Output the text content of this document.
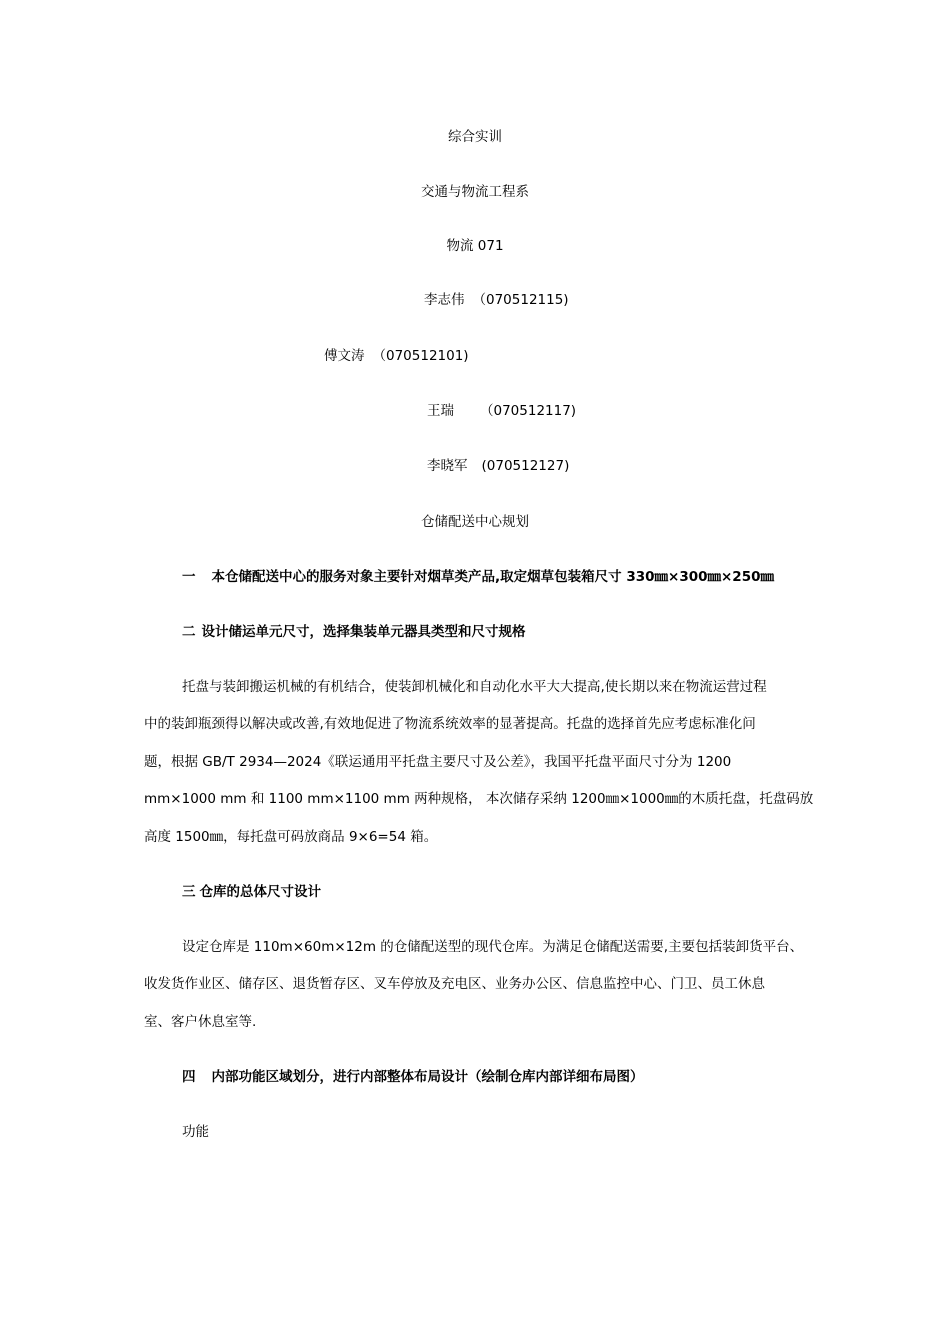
综合实训
交通与物流工程系
物流 071
李志伟 （070512115)
傅文涛 （070512101)
王瑞 （070512117)
李晓军 (070512127)
仓储配送中心规划
一 本仓储配送中心的服务对象主要针对烟草类产品,取定烟草包装箱尺寸 330㎜×300㎜×250㎜
二 设计储运单元尺寸，选择集装单元器具类型和尺寸规格
托盘与装卸搬运机械的有机结合，使装卸机械化和自动化水平大大提高,使长期以来在物流运营过程
中的装卸瓶颈得以解决或改善,有效地促进了物流系统效率的显著提高。托盘的选择首先应考虑标准化问
题，根据 GB/T 2934—2024《联运通用平托盘主要尺寸及公差》，我国平托盘平面尺寸分为 1200
mm×1000 mm 和 1100 mm×1100 mm 两种规格， 本次储存采纳 1200㎜×1000㎜的木质托盘，托盘码放
高度 1500㎜，每托盘可码放商品 9×6=54 箱。
三 仓库的总体尺寸设计
设定仓库是 110m×60m×12m 的仓储配送型的现代仓库。为满足仓储配送需要,主要包括装卸货平台、
收发货作业区、储存区、退货暂存区、叉车停放及充电区、业务办公区、信息监控中心、门卫、员工休息
室、客户休息室等.
四 内部功能区域划分，进行内部整体布局设计（绘制仓库内部详细布局图）
功能
